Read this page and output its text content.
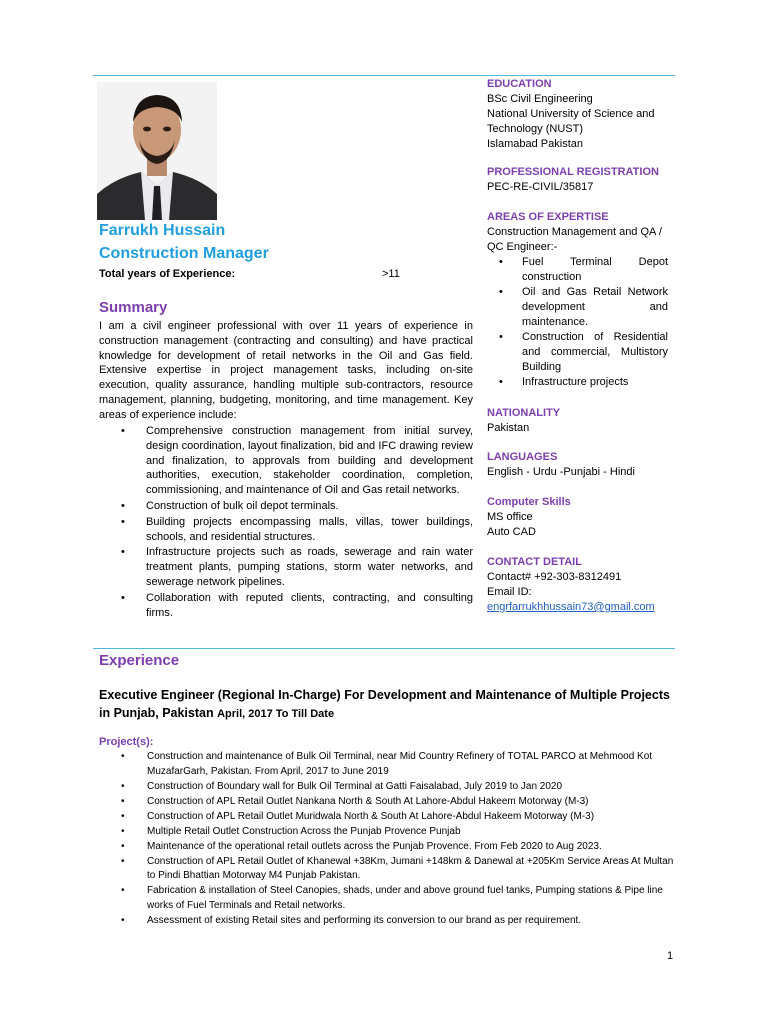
Farrukh Hussain
Construction Manager
Total years of Experience:	>11
Summary
I am a civil engineer professional with over 11 years of experience in construction management (contracting and consulting) and have practical knowledge for development of retail networks in the Oil and Gas field. Extensive expertise in project management tasks, including on-site execution, quality assurance, handling multiple sub-contractors, resource management, planning, budgeting, monitoring, and time management. Key areas of experience include:
• Comprehensive construction management from initial survey, design coordination, layout finalization, bid and IFC drawing review and finalization, to approvals from building and development authorities, execution, stakeholder coordination, completion, commissioning, and maintenance of Oil and Gas retail networks.
• Construction of bulk oil depot terminals.
• Building projects encompassing malls, villas, tower buildings, schools, and residential structures.
• Infrastructure projects such as roads, sewerage and rain water treatment plants, pumping stations, storm water networks, and sewerage network pipelines.
• Collaboration with reputed clients, contracting, and consulting firms.
EDUCATION
BSc Civil Engineering
National University of Science and Technology (NUST)
Islamabad Pakistan
PROFESSIONAL REGISTRATION
PEC-RE-CIVIL/35817
AREAS OF EXPERTISE
Construction Management and QA / QC Engineer:-
• Fuel Terminal Depot construction
• Oil and Gas Retail Network development and maintenance.
• Construction of Residential and commercial, Multistory Building
• Infrastructure projects
NATIONALITY
Pakistan
LANGUAGES
English - Urdu -Punjabi - Hindi
Computer Skills
MS office
Auto CAD
CONTACT DETAIL
Contact# +92-303-8312491
Email ID:
engrfarrukhhussain73@gmail.com
Experience
Executive Engineer (Regional In-Charge) For Development and Maintenance of Multiple Projects in Punjab, Pakistan April, 2017 To Till Date
Project(s):
• Construction and maintenance of Bulk Oil Terminal, near Mid Country Refinery of TOTAL PARCO at Mehmood Kot MuzafarGarh, Pakistan. From April, 2017 to June 2019
• Construction of Boundary wall for Bulk Oil Terminal at Gatti Faisalabad, July 2019 to Jan 2020
• Construction of APL Retail Outlet Nankana North & South At Lahore-Abdul Hakeem Motorway (M-3)
• Construction of APL Retail Outlet Muridwala North & South At Lahore-Abdul Hakeem Motorway (M-3)
• Multiple Retail Outlet Construction Across the Punjab Provence Punjab
• Maintenance of the operational retail outlets across the Punjab Provence. From Feb 2020 to Aug 2023.
• Construction of APL Retail Outlet of Khanewal +38Km, Jumani +148km & Danewal at +205Km Service Areas At Multan to Pindi Bhattian Motorway M4 Punjab Pakistan.
• Fabrication & installation of Steel Canopies, shads, under and above ground fuel tanks, Pumping stations & Pipe line works of Fuel Terminals and Retail networks.
• Assessment of existing Retail sites and performing its conversion to our brand as per requirement.
1
